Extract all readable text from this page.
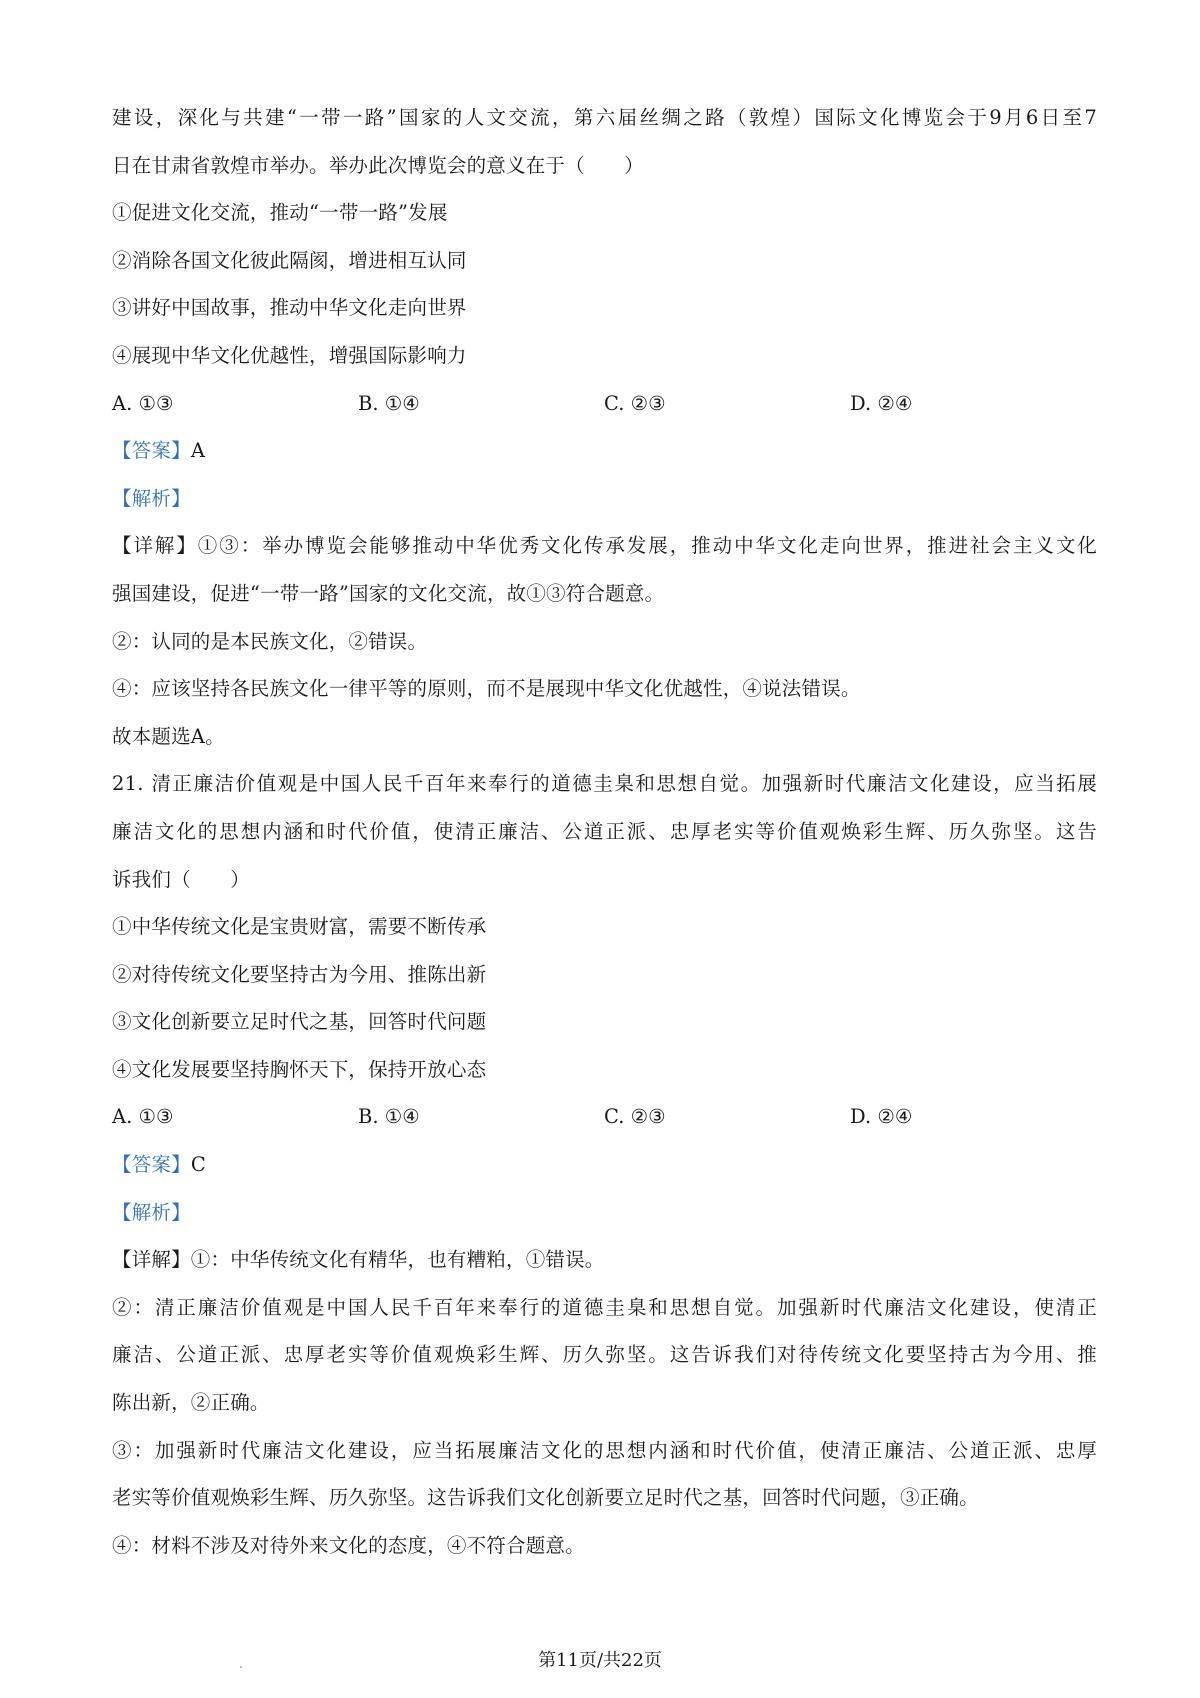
建设，深化与共建“一带一路”国家的人文交流，第六届丝绸之路（敦煌）国际文化博览会于9月6日至7
日在甘肃省敦煌市举办。举办此次博览会的意义在于（　　）
①促进文化交流，推动“一带一路”发展
②消除各国文化彼此隔阂，增进相互认同
③讲好中国故事，推动中华文化走向世界
④展现中华文化优越性，增强国际影响力
A. ①③	B. ①④	C. ②③	D. ②④
【答案】A
【解析】
【详解】①③：举办博览会能够推动中华优秀文化传承发展，推动中华文化走向世界，推进社会主义文化
强国建设，促进“一带一路”国家的文化交流，故①③符合题意。
②：认同的是本民族文化，②错误。
④：应该坚持各民族文化一律平等的原则，而不是展现中华文化优越性，④说法错误。
故本题选A。
21. 清正廉洁价值观是中国人民千百年来奉行的道德圭臬和思想自觉。加强新时代廉洁文化建设，应当拓展
廉洁文化的思想内涵和时代价值，使清正廉洁、公道正派、忠厚老实等价值观焕彩生辉、历久弥坚。这告
诉我们（　　）
①中华传统文化是宝贵财富，需要不断传承
②对待传统文化要坚持古为今用、推陈出新
③文化创新要立足时代之基，回答时代问题
④文化发展要坚持胸怀天下，保持开放心态
A. ①③	B. ①④	C. ②③	D. ②④
【答案】C
【解析】
【详解】①：中华传统文化有精华，也有糟粕，①错误。
②：清正廉洁价值观是中国人民千百年来奉行的道德圭臬和思想自觉。加强新时代廉洁文化建设，使清正
廉洁、公道正派、忠厚老实等价值观焕彩生辉、历久弥坚。这告诉我们对待传统文化要坚持古为今用、推
陈出新，②正确。
③：加强新时代廉洁文化建设，应当拓展廉洁文化的思想内涵和时代价值，使清正廉洁、公道正派、忠厚
老实等价值观焕彩生辉、历久弥坚。这告诉我们文化创新要立足时代之基，回答时代问题，③正确。
④：材料不涉及对待外来文化的态度，④不符合题意。
第11页/共22页
